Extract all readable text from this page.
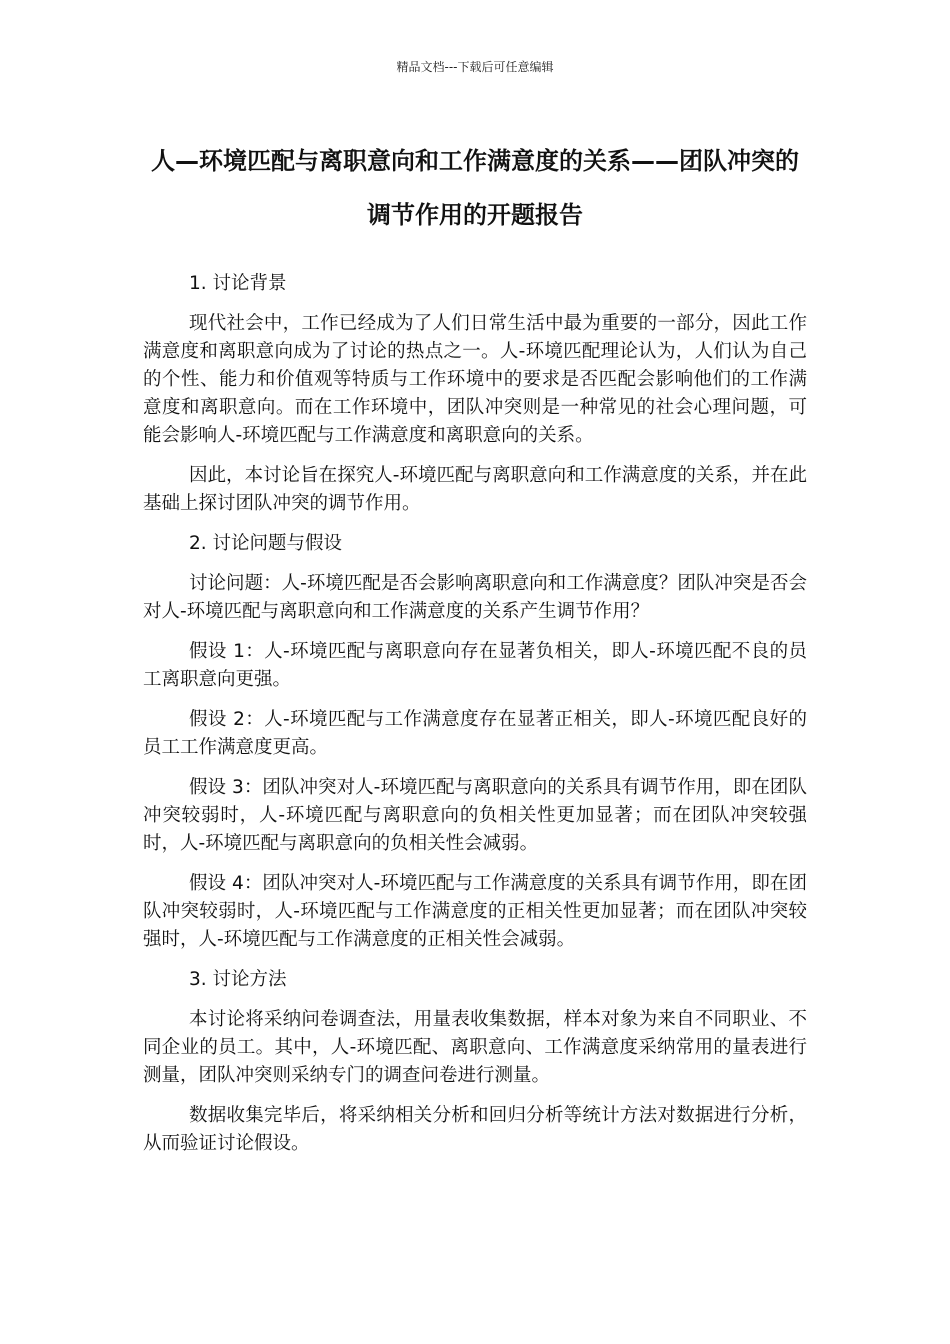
精品文档---下载后可任意编辑
人—环境匹配与离职意向和工作满意度的关系——团队冲突的调节作用的开题报告

1. 讨论背景

现代社会中，工作已经成为了人们日常生活中最为重要的一部分，因此工作满意度和离职意向成为了讨论的热点之一。人-环境匹配理论认为，人们认为自己的个性、能力和价值观等特质与工作环境中的要求是否匹配会影响他们的工作满意度和离职意向。而在工作环境中，团队冲突则是一种常见的社会心理问题，可能会影响人-环境匹配与工作满意度和离职意向的关系。

因此，本讨论旨在探究人-环境匹配与离职意向和工作满意度的关系，并在此基础上探讨团队冲突的调节作用。

2. 讨论问题与假设

讨论问题：人-环境匹配是否会影响离职意向和工作满意度？团队冲突是否会对人-环境匹配与离职意向和工作满意度的关系产生调节作用？

假设 1：人-环境匹配与离职意向存在显著负相关，即人-环境匹配不良的员工离职意向更强。

假设 2：人-环境匹配与工作满意度存在显著正相关，即人-环境匹配良好的员工工作满意度更高。

假设 3：团队冲突对人-环境匹配与离职意向的关系具有调节作用，即在团队冲突较弱时，人-环境匹配与离职意向的负相关性更加显著；而在团队冲突较强时，人-环境匹配与离职意向的负相关性会减弱。

假设 4：团队冲突对人-环境匹配与工作满意度的关系具有调节作用，即在团队冲突较弱时，人-环境匹配与工作满意度的正相关性更加显著；而在团队冲突较强时，人-环境匹配与工作满意度的正相关性会减弱。

3. 讨论方法

本讨论将采纳问卷调查法，用量表收集数据，样本对象为来自不同职业、不同企业的员工。其中，人-环境匹配、离职意向、工作满意度采纳常用的量表进行测量，团队冲突则采纳专门的调查问卷进行测量。

数据收集完毕后，将采纳相关分析和回归分析等统计方法对数据进行分析，从而验证讨论假设。
